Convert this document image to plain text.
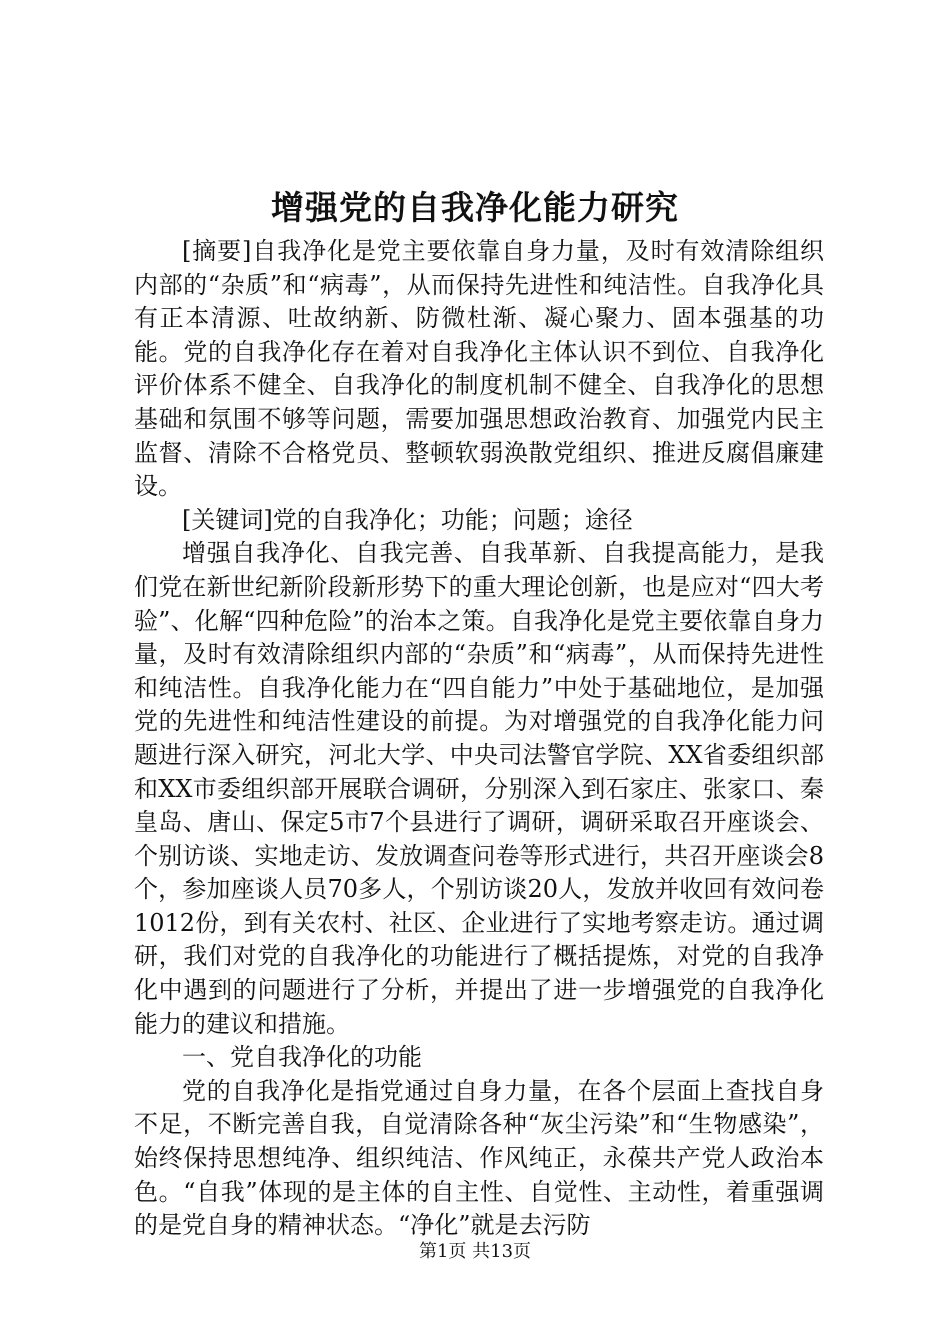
增强党的自我净化能力研究

[摘要]自我净化是党主要依靠自身力量，及时有效清除组织内部的“杂质”和“病毒”，从而保持先进性和纯洁性。自我净化具有正本清源、吐故纳新、防微杜渐、凝心聚力、固本强基的功能。党的自我净化存在着对自我净化主体认识不到位、自我净化评价体系不健全、自我净化的制度机制不健全、自我净化的思想基础和氛围不够等问题，需要加强思想政治教育、加强党内民主监督、清除不合格党员、整顿软弱涣散党组织、推进反腐倡廉建设。

[关键词]党的自我净化；功能；问题；途径

增强自我净化、自我完善、自我革新、自我提高能力，是我们党在新世纪新阶段新形势下的重大理论创新，也是应对“四大考验”、化解“四种危险”的治本之策。自我净化是党主要依靠自身力量，及时有效清除组织内部的“杂质”和“病毒”，从而保持先进性和纯洁性。自我净化能力在“四自能力”中处于基础地位，是加强党的先进性和纯洁性建设的前提。为对增强党的自我净化能力问题进行深入研究，河北大学、中央司法警官学院、XX省委组织部和XX市委组织部开展联合调研，分别深入到石家庄、张家口、秦皇岛、唐山、保定5市7个县进行了调研，调研采取召开座谈会、个别访谈、实地走访、发放调查问卷等形式进行，共召开座谈会8个，参加座谈人员70多人，个别访谈20人，发放并收回有效问卷1012份，到有关农村、社区、企业进行了实地考察走访。通过调研，我们对党的自我净化的功能进行了概括提炼，对党的自我净化中遇到的问题进行了分析，并提出了进一步增强党的自我净化能力的建议和措施。

一、党自我净化的功能

党的自我净化是指党通过自身力量，在各个层面上查找自身不足，不断完善自我，自觉清除各种“灰尘污染”和“生物感染”，始终保持思想纯净、组织纯洁、作风纯正，永葆共产党人政治本色。“自我”体现的是主体的自主性、自觉性、主动性，着重强调的是党自身的精神状态。“净化”就是去污防

第1页 共13页
